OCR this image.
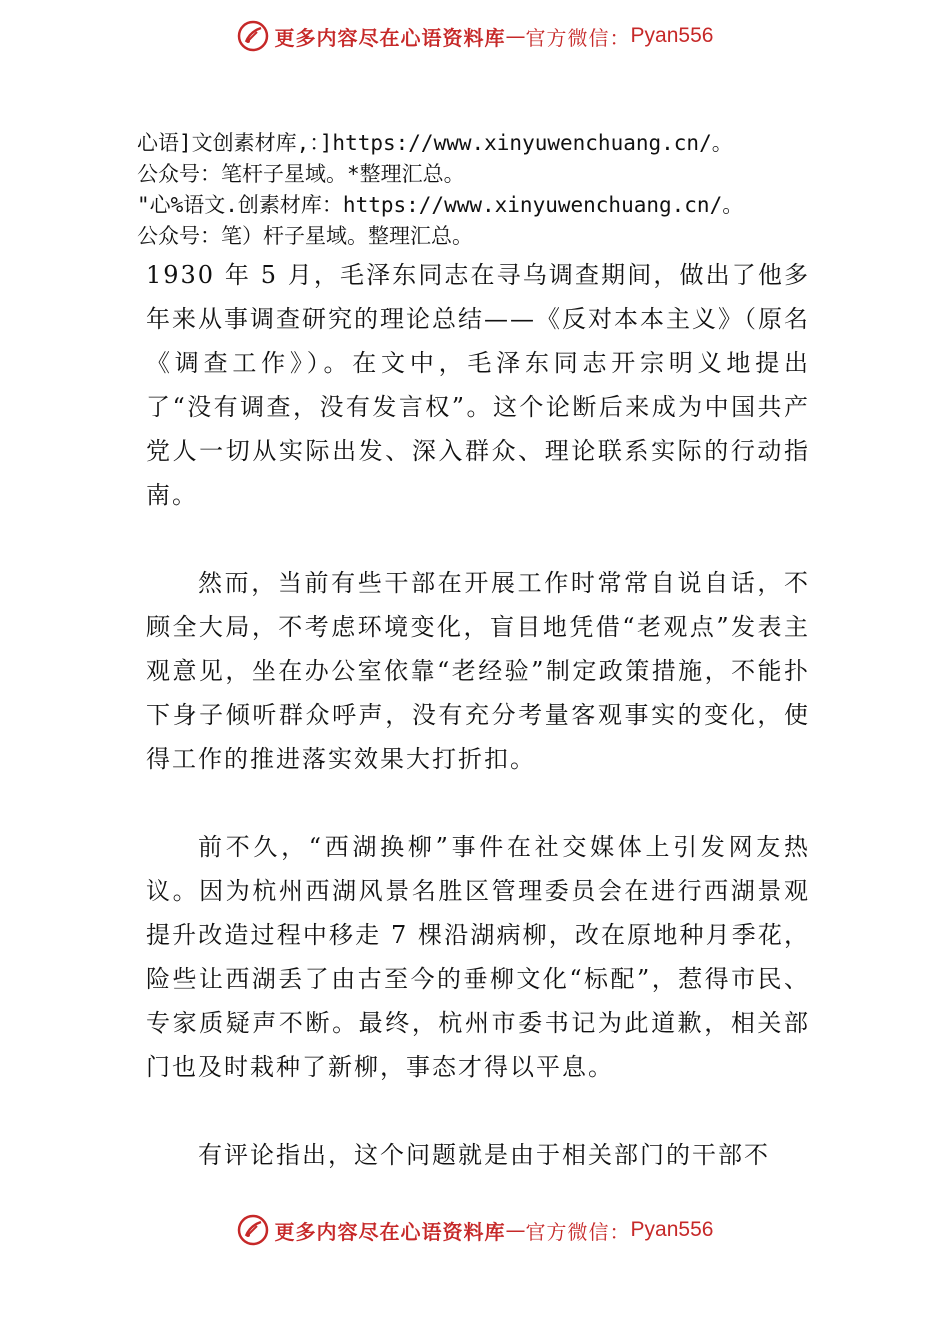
更多内容尽在心语资料库 — 官方微信： Pyan556
心语]文创素材库,：]https://www.xinyuwenchuang.cn/。
公众号：笔杆子星域。*整理汇总。
"心%语文.创素材库：https://www.xinyuwenchuang.cn/。
公众号：笔）杆子星域。整理汇总。

1930 年 5 月，毛泽东同志在寻乌调查期间，做出了他多年来从事调查研究的理论总结——《反对本本主义》（原名《调查工作》）。在文中，毛泽东同志开宗明义地提出了“没有调查，没有发言权”。这个论断后来成为中国共产党人一切从实际出发、深入群众、理论联系实际的行动指南。

然而，当前有些干部在开展工作时常常自说自话，不顾全大局，不考虑环境变化，盲目地凭借“老观点”发表主观意见，坐在办公室依靠“老经验”制定政策措施，不能扑下身子倾听群众呼声，没有充分考量客观事实的变化，使得工作的推进落实效果大打折扣。

前不久，“西湖换柳”事件在社交媒体上引发网友热议。因为杭州西湖风景名胜区管理委员会在进行西湖景观提升改造过程中移走 7 棵沿湖病柳，改在原地种月季花，险些让西湖丢了由古至今的垂柳文化“标配”，惹得市民、专家质疑声不断。最终，杭州市委书记为此道歉，相关部门也及时栽种了新柳，事态才得以平息。

有评论指出，这个问题就是由于相关部门的干部不

更多内容尽在心语资料库 — 官方微信： Pyan556
